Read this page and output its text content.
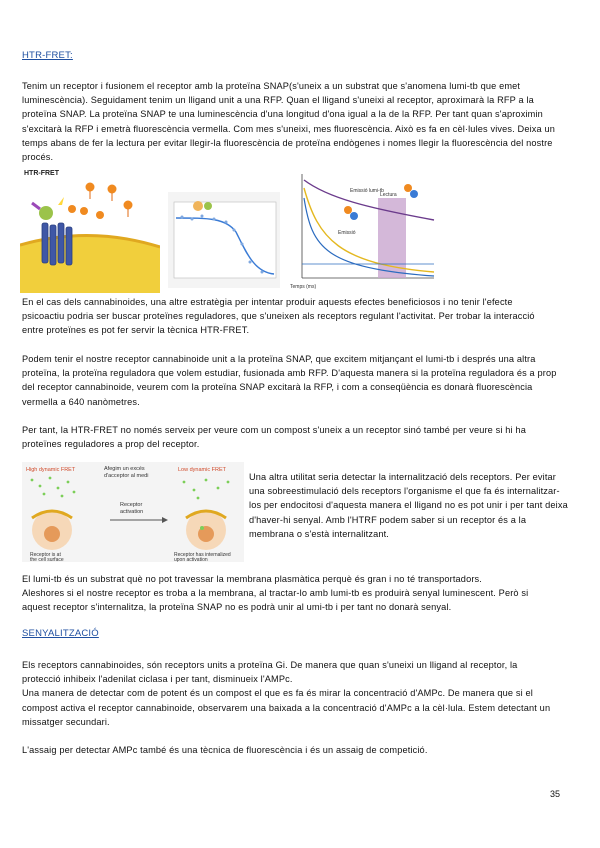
HTR-FRET:
Tenim un receptor i fusionem el receptor amb la proteïna SNAP(s'uneix a un substrat que s'anomena lumi-tb que emet
luminescència). Seguidament tenim un lligand unit a una RFP. Quan el lligand s'uneixi al receptor, aproximarà la RFP a la
proteïna SNAP. La proteïna SNAP te una luminescència d'una longitud d'ona igual a la de la RFP. Per tant quan s'aproximin
s'excitarà la RFP i emetrà fluorescència vermella. Com mes s'uneixi, mes fluorescència. Això es fa en cèl·lules vives. Deixa un
temps abans de fer la lectura per evitar llegir-la fluorescència de proteïna endògenes i nomes llegir la fluorescència del nostre
procés.
HTR-FRET
Emissió lumi-tb
Emissió
Lectura
Temps (ms)
En el cas dels cannabinoides, una altre estratègia per intentar produir aquests efectes beneficiosos i no tenir l'efecte
psicoactiu podria ser buscar proteïnes reguladores, que s'uneixen als receptors regulant l'activitat. Per trobar la interacció
entre proteïnes es pot fer servir la tècnica HTR-FRET.
Podem tenir el nostre receptor cannabinoide unit a la proteïna SNAP, que excitem mitjançant el lumi-tb i després una altra
proteïna, la proteïna reguladora que volem estudiar, fusionada amb RFP. D'aquesta manera si la proteïna reguladora és a prop
del receptor cannabinoide, veurem com la proteïna SNAP excitarà la RFP, i com a conseqüència es donarà fluorescència
vermella a 640 nanòmetres.
Per tant, la HTR-FRET no només serveix per veure com un compost s'uneix a un receptor sinó també per veure si hi ha
proteïnes reguladores a prop del receptor.
High dynamic FRET	Low dynamic FRET
Afegim un excés
d'acceptor al medi
Receptor
activation
Receptor is at
the cell surface
Receptor has internalized
upon activation
Una altra utilitat seria detectar la internalització dels receptors. Per evitar
una sobreestimulació dels receptors l'organisme el que fa és internalitzar-
los per endocitosi d'aquesta manera el lligand no es pot unir i per tant deixa
d'haver-hi senyal. Amb l'HTRF podem saber si un receptor és a la
membrana o s'està internalitzant.
El lumi-tb és un substrat què no pot travessar la membrana plasmàtica perquè és gran i no té transportadors.
Aleshores si el nostre receptor es troba a la membrana, al tractar-lo amb lumi-tb es produirà senyal luminescent. Però si
aquest receptor s'internalitza, la proteïna SNAP no es podrà unir al umi-tb i per tant no donarà senyal.
SENYALITZACIÓ
Els receptors cannabinoides, són receptors units a proteïna Gi. De manera que quan s'uneixi un lligand al receptor, la
protecció inhibeix l'adenilat ciclasa i per tant, disminueix l'AMPc.
Una manera de detectar com de potent és un compost el que es fa és mirar la concentració d'AMPc. De manera que si el
compost activa el receptor cannabinoide, observarem una baixada a la concentració d'AMPc a la cèl·lula. Estem detectant un
missatger secundari.
L'assaig per detectar AMPc també és una tècnica de fluorescència i és un assaig de competició.
35
